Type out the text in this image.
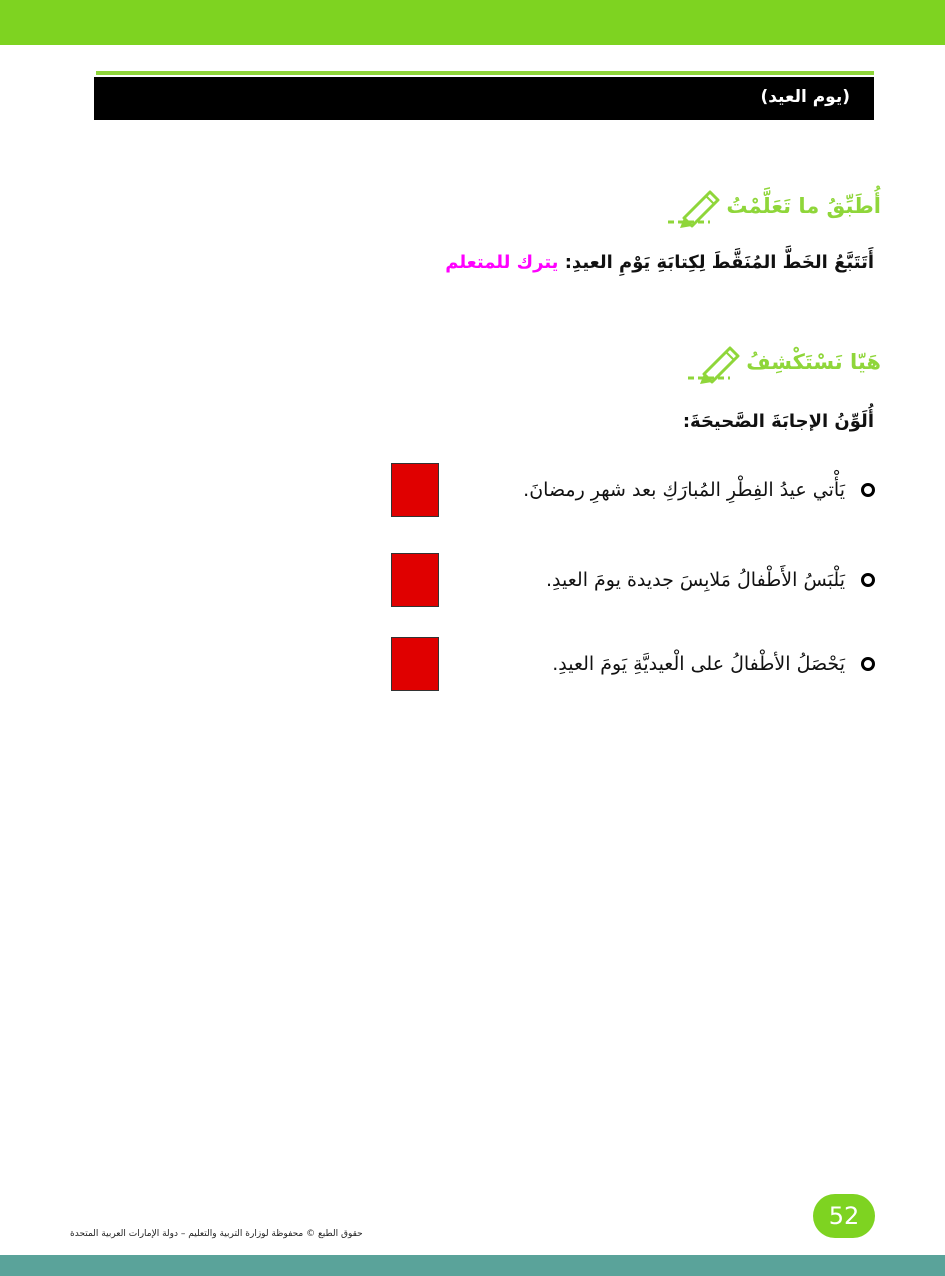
(يوم العيد)
أُطَبِّقُ ما تَعَلَّمْتُ
أَتَتَبَّعُ الخَطَّ المُنَقَّطَ لِكِتابَةِ يَوْمِ العيدِ: يترك للمتعلم
هَيّا نَسْتَكْشِفُ
أُلَوِّنُ الإجابَةَ الصَّحيحَةَ:
يَأْتي عيدُ الفِطْرِ المُبارَكِ بعد شهرِ رمضانَ.
يَلْبَسُ الأَطْفالُ مَلابِسَ جديدة يومَ العيدِ.
يَحْصَلُ الأطْفالُ على الْعيديَّةِ يَومَ العيدِ.
52
حقوق الطبع © محفوظة لوزارة التربية والتعليم – دولة الإمارات العربية المتحدة
